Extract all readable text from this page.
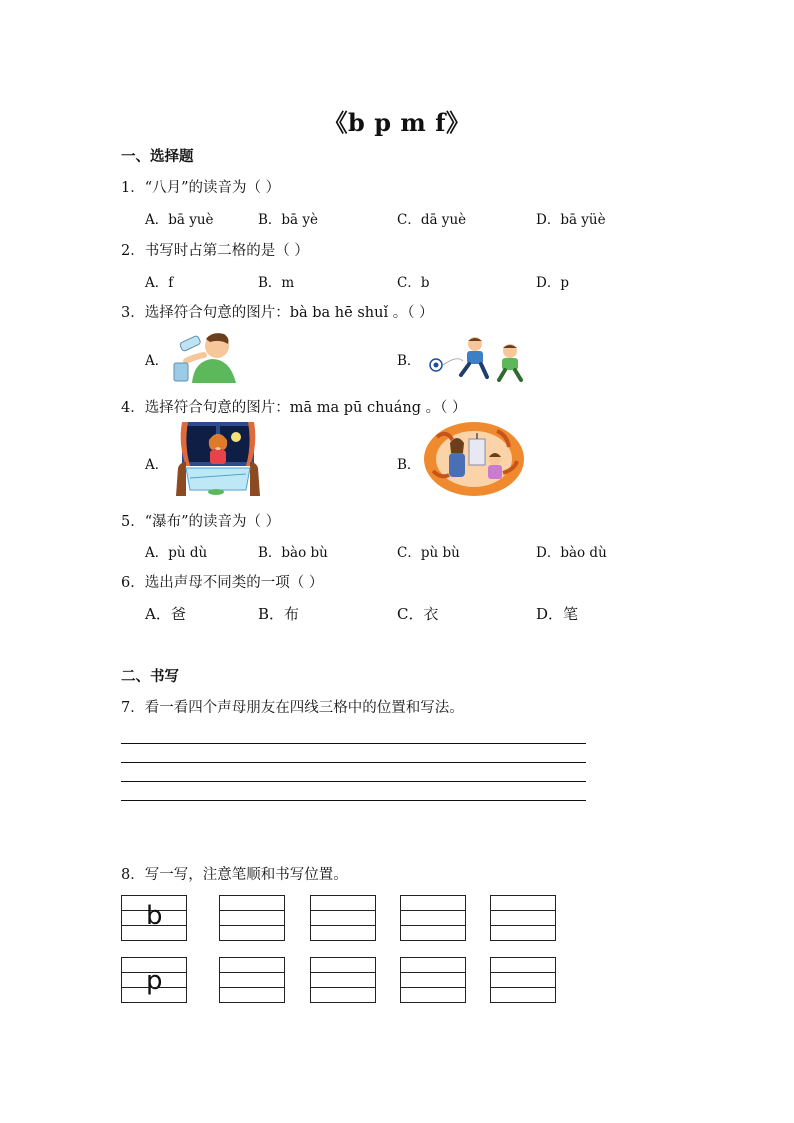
《b p m f》
一、选择题
1．“八月”的读音为（ ）
A．bā yuè	B．bā yè	C．dā yuè	D．bā yüè
2．书写时占第二格的是（ ）
A．f	B．m	C．b	D．p
3．选择符合句意的图片：bà ba hē shuǐ 。（ ）
A．	B．
4．选择符合句意的图片：mā ma pū chuáng 。（ ）
A．	B．
5．“瀑布”的读音为（ ）
A．pù dù	B．bào bù	C．pù bù	D．bào dù
6．选出声母不同类的一项（ ）
A．爸	B．布	C．衣	D．笔
二、书写
7．看一看四个声母朋友在四线三格中的位置和写法。
8．写一写，注意笔顺和书写位置。
b
p
